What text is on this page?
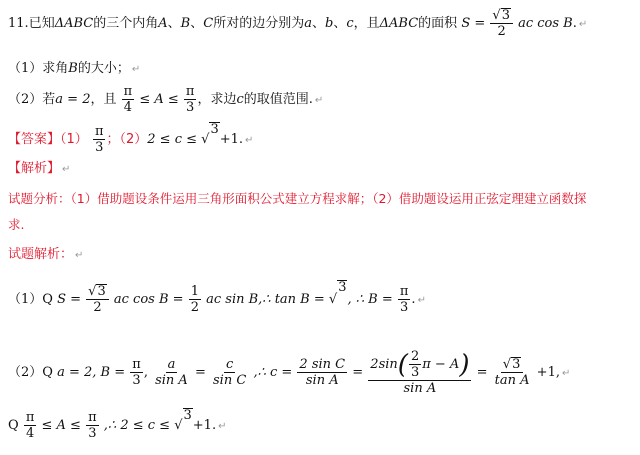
11.已知ΔABC的三个内角A、B、C所对的边分别为a、b、c，且ΔABC的面积 $S = \frac{√ 3}{2}$ ac cos B. ↵
（1）求角B的大小； ↵
（2）若a = 2，且 $\frac{\pi}{4} \le A \le \frac{\pi}{3}$ ，求边c的取值范围. ↵
【答案】$(1) \frac{\pi}{3}$ ；（2）2 ≤ c ≤ √
3
+1. ↵
【解析】 ↵
试题分析：（1）借助题设条件运用三角形面积公式建立方程求解；（2）借助题设运用正弦定理建立函数探
求.
试题解析： ↵
（1）Q $S = \frac{√ 3}{2}$ ac $\cos B = \frac{1}{2}$ ac sin B,∴ tan B = √
3
, ∴ $B = \frac{\pi}{3}$ . ↵
（2）Q a = 2, $B = \frac{\pi}{3}$ , $\frac{a}{\text{sin A}} = \frac{c}{\text{sin C}}$ ,∴ $c = \frac{\text{2 sin C}}{\text{sin A}} = \frac{2\sin ( \frac{2}{3} \pi - A )}{\text{sin A}} = \frac{√ 3}{\text{tan A}} +1$, ↵
Q $\frac{\pi}{4} \le A \le \frac{\pi}{3}$ ,∴ 2 ≤ c ≤ √
3
+1. ↵
